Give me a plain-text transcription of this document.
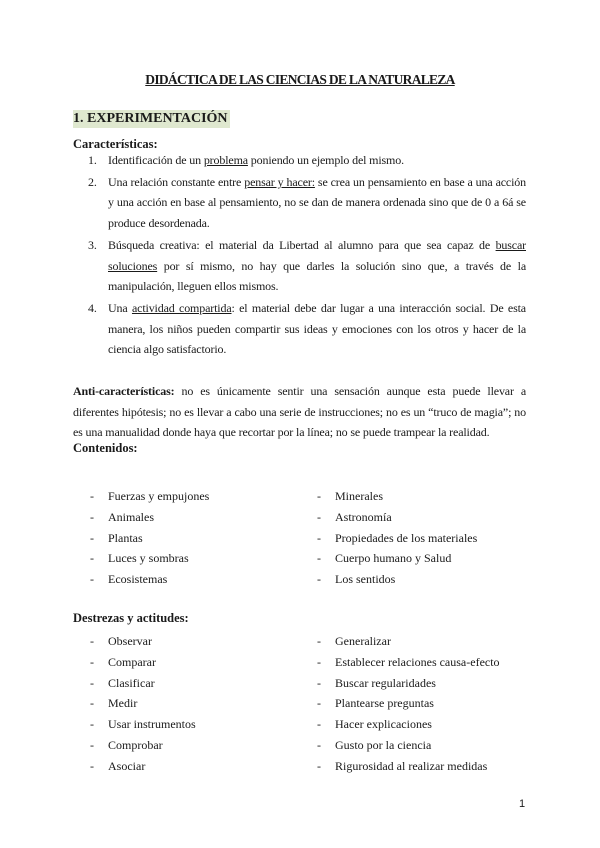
DIDÁCTICA DE LAS CIENCIAS DE LA NATURALEZA
1. EXPERIMENTACIÓN
Características:
1. Identificación de un problema poniendo un ejemplo del mismo.
2. Una relación constante entre pensar y hacer: se crea un pensamiento en base a una acción y una acción en base al pensamiento, no se dan de manera ordenada sino que de 0 a 6á se produce desordenada.
3. Búsqueda creativa: el material da Libertad al alumno para que sea capaz de buscar soluciones por sí mismo, no hay que darles la solución sino que, a través de la manipulación, lleguen ellos mismos.
4. Una actividad compartida: el material debe dar lugar a una interacción social. De esta manera, los niños pueden compartir sus ideas y emociones con los otros y hacer de la ciencia algo satisfactorio.

Anti-características: no es únicamente sentir una sensación aunque esta puede llevar a diferentes hipótesis; no es llevar a cabo una serie de instrucciones; no es un “truco de magia”; no es una manualidad donde haya que recortar por la línea; no se puede trampear la realidad.

Contenidos:
- Fuerzas y empujones
- Animales
- Plantas
- Luces y sombras
- Ecosistemas
- Minerales
- Astronomía
- Propiedades de los materiales
- Cuerpo humano y Salud
- Los sentidos
Destrezas y actitudes:
- Observar
- Comparar
- Clasificar
- Medir
- Usar instrumentos
- Comprobar
- Asociar
- Generalizar
- Establecer relaciones causa-efecto
- Buscar regularidades
- Plantearse preguntas
- Hacer explicaciones
- Gusto por la ciencia
- Rigurosidad al realizar medidas
1
